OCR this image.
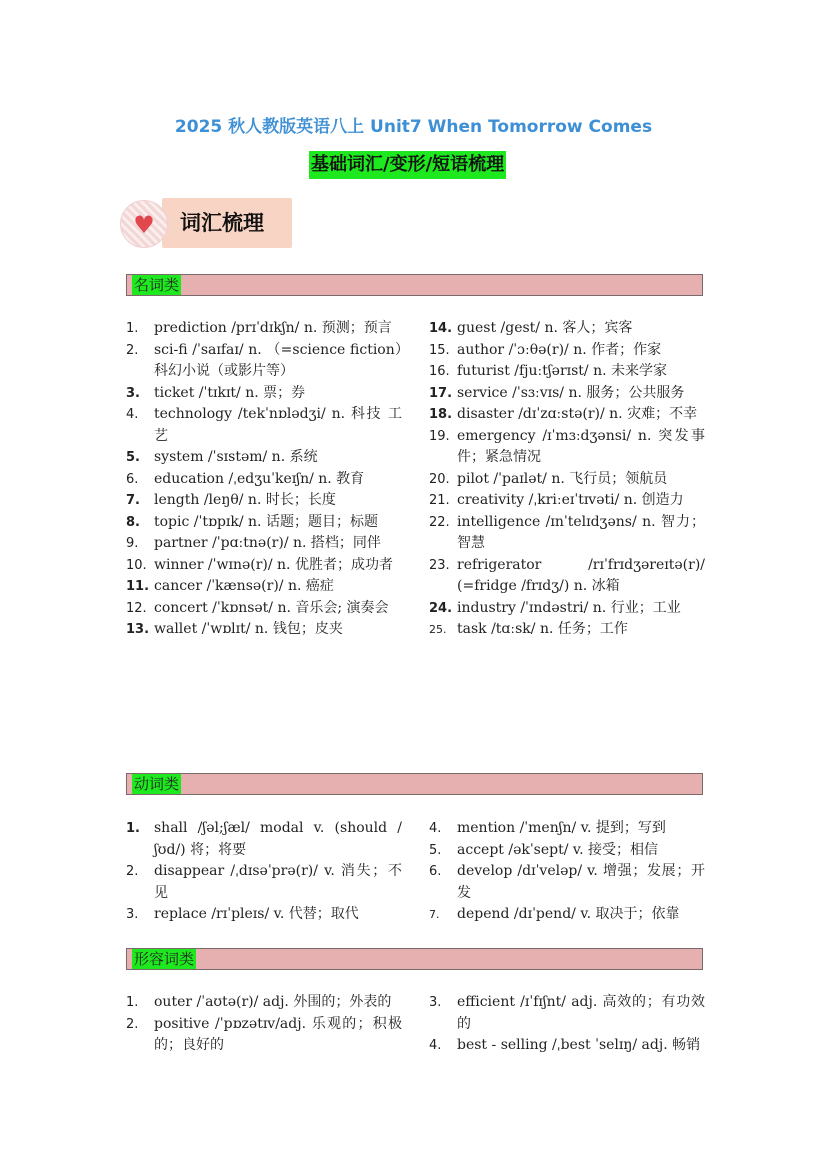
2025 秋人教版英语八上 Unit7 When Tomorrow Comes
基础词汇/变形/短语梳理
词汇梳理
♥
名词类
1. prediction /prɪˈdɪkʃn/ n. 预测；预言
2. sci-fi /ˈsaɪfaɪ/ n. （=science fiction）科幻小说（或影片等）
3. ticket /ˈtɪkɪt/ n. 票；券
4. technology /tekˈnɒlədʒi/ n. 科技 工艺
5. system /ˈsɪstəm/ n. 系统
6. education /ˌedʒuˈkeɪʃn/ n. 教育
7. length /leŋθ/ n. 时长；长度
8. topic /ˈtɒpɪk/ n. 话题；题目；标题
9. partner /ˈpɑːtnə(r)/ n. 搭档；同伴
10. winner /ˈwɪnə(r)/ n. 优胜者；成功者
11. cancer /ˈkænsə(r)/ n. 癌症
12. concert /ˈkɒnsət/ n. 音乐会; 演奏会
13. wallet /ˈwɒlɪt/ n. 钱包；皮夹
14. guest /gest/ n. 客人；宾客
15. author /ˈɔːθə(r)/ n. 作者；作家
16. futurist /fjuːtʃərɪst/ n. 未来学家
17. service /ˈsɜːvɪs/ n. 服务；公共服务
18. disaster /dɪˈzɑːstə(r)/ n. 灾难；不幸
19. emergency /ɪˈmɜːdʒənsi/ n. 突发事件；紧急情况
20. pilot /ˈpaɪlət/ n. 飞行员；领航员
21. creativity /ˌkriːeɪˈtɪvəti/ n. 创造力
22. intelligence /ɪnˈtelɪdʒəns/ n. 智力；智慧
23. refrigerator /rɪˈfrɪdʒəreɪtə(r)/ (=fridge /frɪdʒ/) n. 冰箱
24. industry /ˈɪndəstri/ n. 行业；工业
25. task /tɑːsk/ n. 任务；工作
动词类
1. shall /ʃəl;ʃæl/ modal v. (should /ʃʊd/) 将；将要
2. disappear /ˌdɪsəˈprə(r)/ v. 消失；不见
3. replace /rɪˈpleɪs/ v. 代替；取代
4. mention /ˈmenʃn/ v. 提到；写到
5. accept /əkˈsept/ v. 接受；相信
6. develop /dɪˈveləp/ v. 增强；发展；开发
7. depend /dɪˈpend/ v. 取决于；依靠
形容词类
1. outer /ˈaʊtə(r)/ adj. 外围的；外表的
2. positive /ˈpɒzətɪv/adj. 乐观的；积极的；良好的
3. efficient /ɪˈfɪʃnt/ adj. 高效的；有功效的
4. best - selling /ˌbest ˈselɪŋ/ adj. 畅销
